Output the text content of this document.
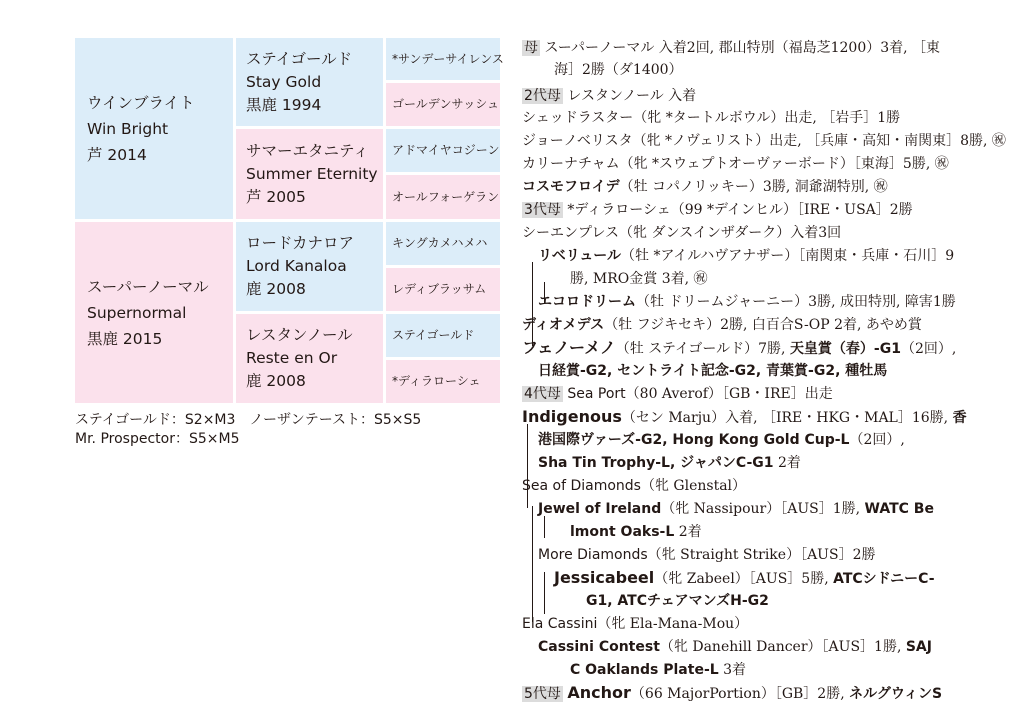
ウインブライト
Win Bright
芦 2014
スーパーノーマル
Supernormal
黒鹿 2015
ステイゴールド
Stay Gold
黒鹿 1994
サマーエタニティ
Summer Eternity
芦 2005
ロードカナロア
Lord Kanaloa
鹿 2008
レスタンノール
Reste en Or
鹿 2008
*サンデーサイレンス
ゴールデンサッシュ
アドマイヤコジーン
オールフォーゲラン
キングカメハメハ
レディブラッサム
ステイゴールド
*ディラローシェ
ステイゴールド：S2×M3　ノーザンテースト：S5×S5
Mr. Prospector：S5×M5
母 スーパーノーマル 入着2回, 郡山特別（福島芝1200）3着, ［東
海］2勝（ダ1400）
2代母 レスタンノール 入着
シェッドラスター（牝 *タートルボウル）出走, ［岩手］1勝
ジョーノベリスタ（牝 *ノヴェリスト）出走, ［兵庫・高知・南関東］8勝, ㊗
カリーナチャム（牝 *スウェプトオーヴァーボード）［東海］5勝, ㊗
コスモフロイデ（牡 コパノリッキー）3勝, 洞爺湖特別, ㊗
3代母 *ディラローシェ（99 *デインヒル）［IRE・USA］2勝
シーエンプレス（牝 ダンスインザダーク）入着3回
リベリュール（牡 *アイルハヴアナザー）［南関東・兵庫・石川］9
勝, MRO金賞 3着, ㊗
エコロドリーム（牡 ドリームジャーニー）3勝, 成田特別, 障害1勝
ディオメデス（牡 フジキセキ）2勝, 白百合S-OP 2着, あやめ賞
フェノーメノ（牡 ステイゴールド）7勝, 天皇賞（春）-G1（2回）,
日経賞-G2, セントライト記念-G2, 青葉賞-G2, 種牡馬
4代母 Sea Port（80 Averof）［GB・IRE］出走
Indigenous（セン Marju）入着, ［IRE・HKG・MAL］16勝, 香
港国際ヴァーズ-G2, Hong Kong Gold Cup-L（2回）,
Sha Tin Trophy-L, ジャパンC-G1 2着
Sea of Diamonds（牝 Glenstal）
Jewel of Ireland（牝 Nassipour）［AUS］1勝, WATC Be
lmont Oaks-L 2着
More Diamonds（牝 Straight Strike）［AUS］2勝
Jessicabeel（牝 Zabeel）［AUS］5勝, ATCシドニーC-
G1, ATCチェアマンズH-G2
Ela Cassini（牝 Ela-Mana-Mou）
Cassini Contest（牝 Danehill Dancer）［AUS］1勝, SAJ
C Oaklands Plate-L 3着
5代母 Anchor（66 MajorPortion）［GB］2勝, ネルグウィンS
